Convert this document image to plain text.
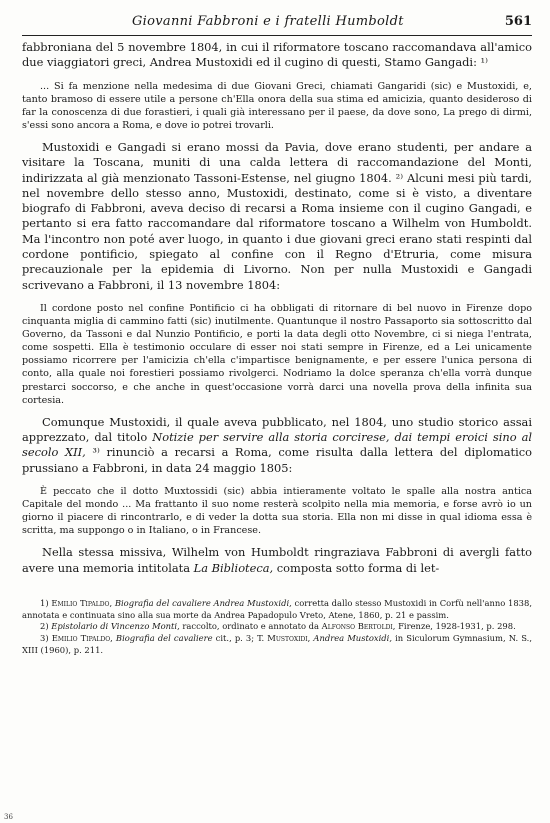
Giovanni Fabbroni e i fratelli Humboldt	561

fabbroniana del 5 novembre 1804, in cui il riformatore toscano raccomandava all'amico due viaggiatori greci, Andrea Mustoxidi ed il cugino di questi, Stamo Gangadi: ¹⁾

... Si fa menzione nella medesima di due Giovani Greci, chiamati Gangaridi (sic) e Mustoxidi, e, tanto bramoso di essere utile a persone ch'Ella onora della sua stima ed amicizia, quanto desideroso di far la conoscenza di due forastieri, i quali già interessano per il paese, da dove sono, La prego di dirmi, s'essi sono ancora a Roma, e dove io potrei trovarli.

Mustoxidi e Gangadi si erano mossi da Pavia, dove erano studenti, per andare a visitare la Toscana, muniti di una calda lettera di raccomandazione del Monti, indirizzata al già menzionato Tassoni-Estense, nel giugno 1804. ²⁾ Alcuni mesi più tardi, nel novembre dello stesso anno, Mustoxidi, destinato, come si è visto, a diventare biografo di Fabbroni, aveva deciso di recarsi a Roma insieme con il cugino Gangadi, e pertanto si era fatto raccomandare dal riformatore toscano a Wilhelm von Humboldt. Ma l'incontro non poté aver luogo, in quanto i due giovani greci erano stati respinti dal cordone pontificio, spiegato al confine con il Regno d'Etruria, come misura precauzionale per la epidemia di Livorno. Non per nulla Mustoxidi e Gangadi scrivevano a Fabbroni, il 13 novembre 1804:

Il cordone posto nel confine Pontificio ci ha obbligati di ritornare di bel nuovo in Firenze dopo cinquanta miglia di cammino fatti (sic) inutilmente. Quantunque il nostro Passaporto sia sottoscritto dal Governo, da Tassoni e dal Nunzio Pontificio, e porti la data degli otto Novembre, ci si niega l'entrata, come sospetti. Ella è testimonio occulare di esser noi stati sempre in Firenze, ed a Lei unicamente possiamo ricorrere per l'amicizia ch'ella c'impartisce benignamente, e per essere l'unica persona di conto, alla quale noi forestieri possiamo rivolgerci. Nodriamo la dolce speranza ch'ella vorrà dunque prestarci soccorso, e che anche in quest'occasione vorrà darci una novella prova della infinita sua cortesia.

Comunque Mustoxidi, il quale aveva pubblicato, nel 1804, uno studio storico assai apprezzato, dal titolo Notizie per servire alla storia corcirese, dai tempi eroici sino al secolo XII, ³⁾ rinunciò a recarsi a Roma, come risulta dalla lettera del diplomatico prussiano a Fabbroni, in data 24 maggio 1805:

È peccato che il dotto Muxtossidi (sic) abbia intieramente voltato le spalle alla nostra antica Capitale del mondo ... Ma frattanto il suo nome resterà scolpito nella mia memoria, e forse avrò io un giorno il piacere di rincontrarlo, e di veder la dotta sua storia. Ella non mi disse in qual idioma essa è scritta, ma suppongo o in Italiano, o in Francese.

Nella stessa missiva, Wilhelm von Humboldt ringraziava Fabbroni di avergli fatto avere una memoria intitolata La Biblioteca, composta sotto forma di let-

1) Emilio Tipaldo, Biografia del cavaliere Andrea Mustoxidi, corretta dallo stesso Mustoxidi in Corfù nell'anno 1838, annotata e continuata sino alla sua morte da Andrea Papadopulo Vreto, Atene, 1860, p. 21 e passim.

2) Epistolario di Vincenzo Monti, raccolto, ordinato e annotato da Alfonso Bertoldi, Firenze, 1928-1931, p. 298.

3) Emilio Tipaldo, Biografia del cavaliere cit., p. 3; T. Mustoxidi, Andrea Mustoxidi, in Siculorum Gymnasium, N. S., XIII (1960), p. 211.

36
